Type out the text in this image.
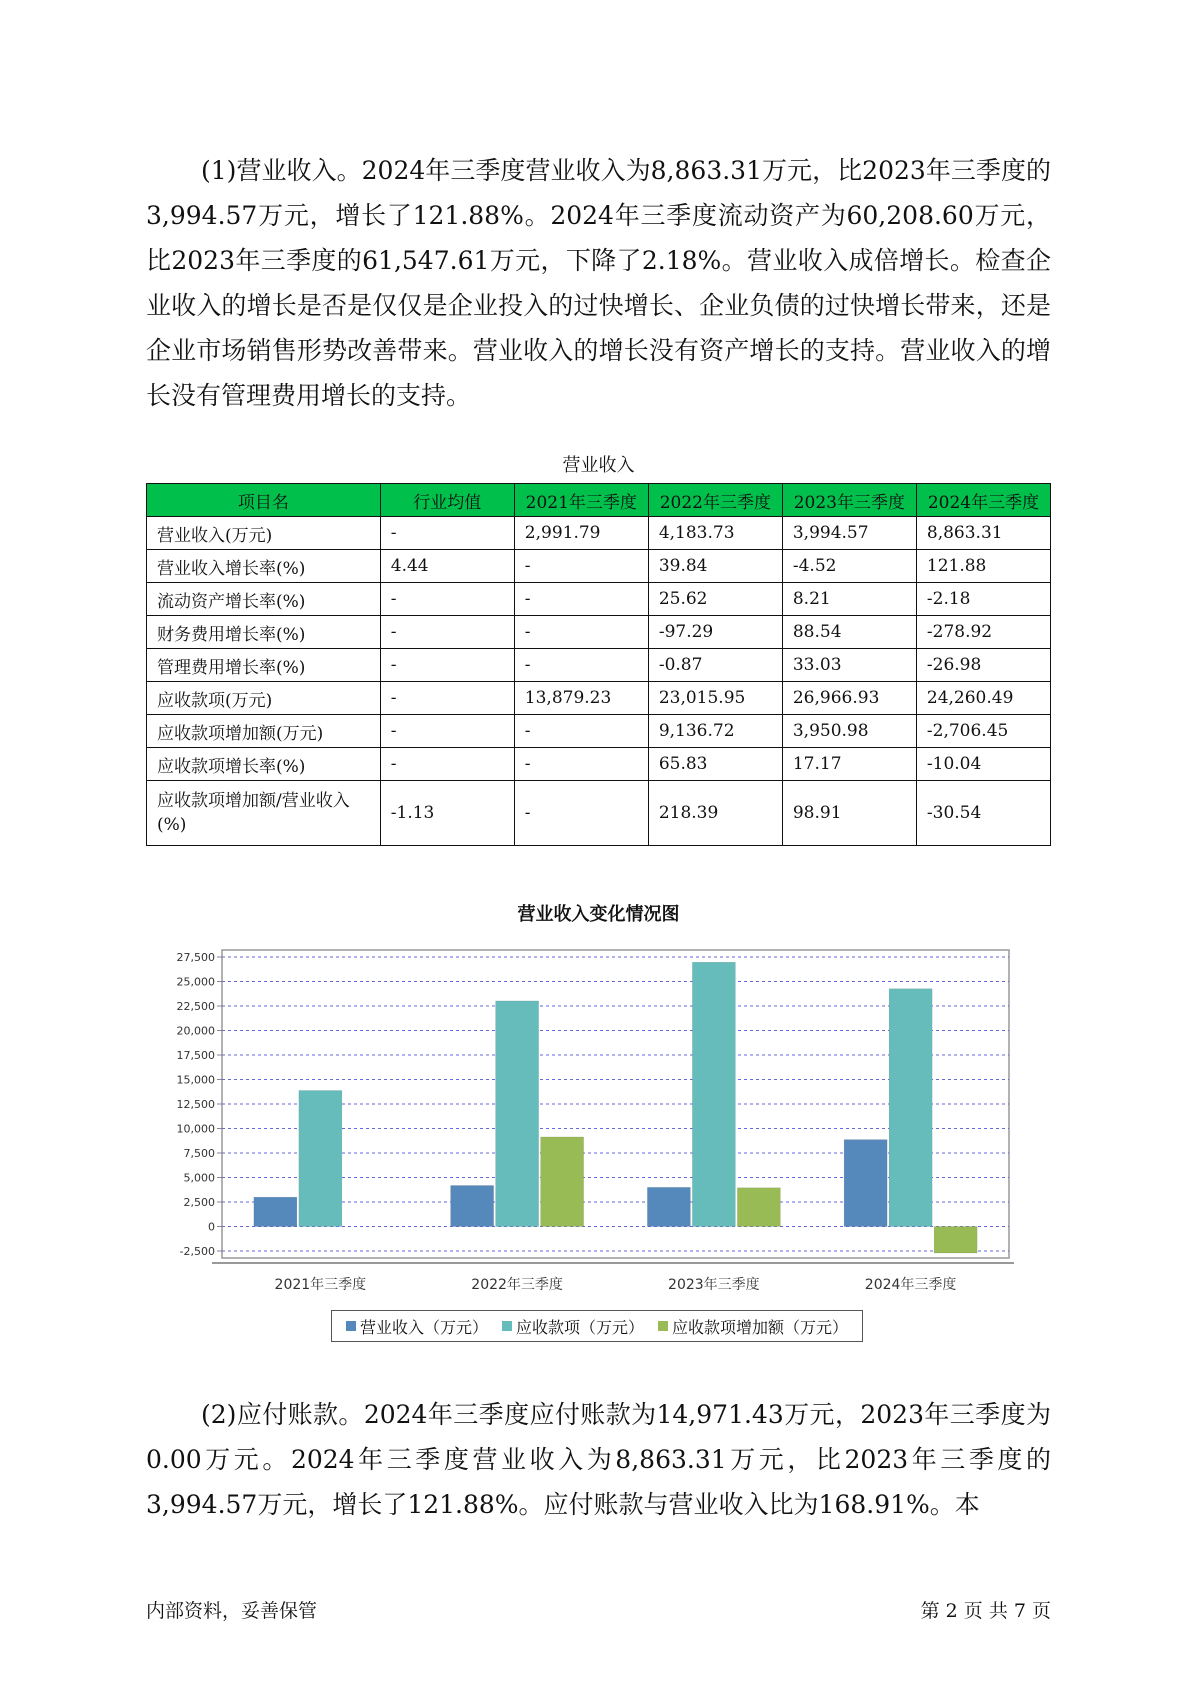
(1)营业收入。2024年三季度营业收入为8,863.31万元，比2023年三季度的3,994.57万元，增长了121.88%。2024年三季度流动资产为60,208.60万元，比2023年三季度的61,547.61万元，下降了2.18%。营业收入成倍增长。检查企业收入的增长是否是仅仅是企业投入的过快增长、企业负债的过快增长带来，还是企业市场销售形势改善带来。营业收入的增长没有资产增长的支持。营业收入的增长没有管理费用增长的支持。

营业收入
项目名	行业均值	2021年三季度	2022年三季度	2023年三季度	2024年三季度
营业收入(万元)	-	2,991.79	4,183.73	3,994.57	8,863.31
营业收入增长率(%)	4.44	-	39.84	-4.52	121.88
流动资产增长率(%)	-	-	25.62	8.21	-2.18
财务费用增长率(%)	-	-	-97.29	88.54	-278.92
管理费用增长率(%)	-	-	-0.87	33.03	-26.98
应收款项(万元)	-	13,879.23	23,015.95	26,966.93	24,260.49
应收款项增加额(万元)	-	-	9,136.72	3,950.98	-2,706.45
应收款项增长率(%)	-	-	65.83	17.17	-10.04
应收款项增加额/营业收入(%)	-1.13	-	218.39	98.91	-30.54
营业收入变化情况图
27,500
25,000
22,500
20,000
17,500
15,000
12,500
10,000
7,500
5,000
2,500
0
-2,500
2021年三季度	2022年三季度	2023年三季度	2024年三季度
营业收入（万元） 应收款项（万元） 应收款项增加额（万元）

(2)应付账款。2024年三季度应付账款为14,971.43万元，2023年三季度为0.00万元。2024年三季度营业收入为8,863.31万元，比2023年三季度的3,994.57万元，增长了121.88%。应付账款与营业收入比为168.91%。本

内部资料，妥善保管	第 2 页 共 7 页
